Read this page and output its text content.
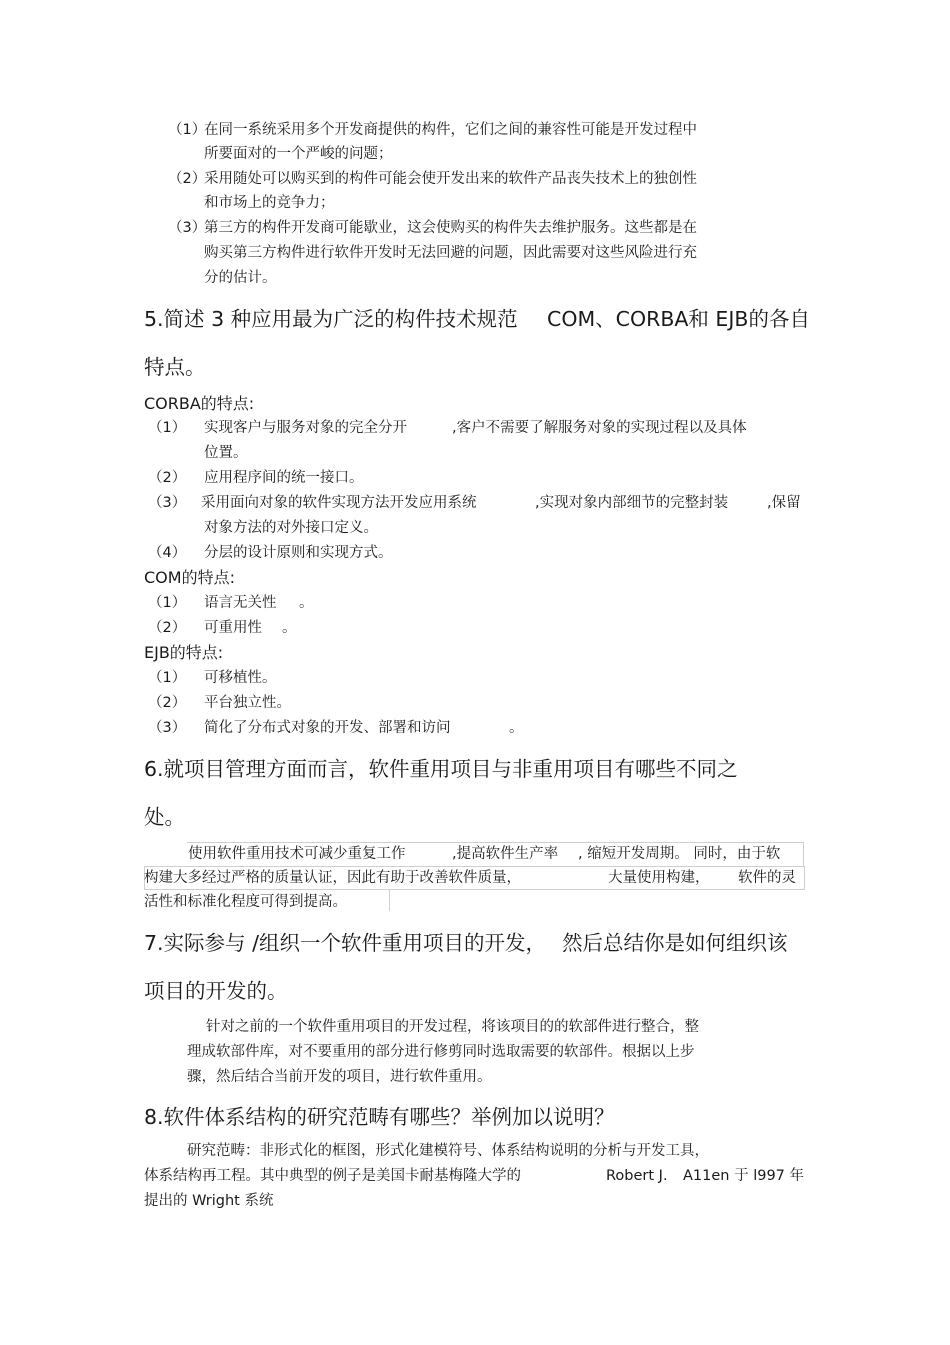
（1）
在同一系统采用多个开发商提供的构件，它们之间的兼容性可能是开发过程中
所要面对的一个严峻的问题；
（2）
采用随处可以购买到的构件可能会使开发出来的软件产品丧失技术上的独创性
和市场上的竞争力；
（3）
第三方的构件开发商可能歇业，这会使购买的构件失去维护服务。这些都是在
购买第三方构件进行软件开发时无法回避的问题，因此需要对这些风险进行充
分的估计。
5.简述 3 种应用最为广泛的构件技术规范 COM、CORBA和 EJB的各自
特点。
CORBA的特点:
（1） 实现客户与服务对象的完全分开	,客户不需要了解服务对象的实现过程以及具体
位置。
（2） 应用程序间的统一接口。
（3） 采用面向对象的软件实现方法开发应用系统	,实现对象内部细节的完整封装	,保留
对象方法的对外接口定义。
（4） 分层的设计原则和实现方式。
COM的特点:
（1） 语言无关性 。
（2） 可重用性 。
EJB的特点:
（1） 可移植性。
（2） 平台独立性。
（3） 简化了分布式对象的开发、部署和访问	。
6.就项目管理方面而言，软件重用项目与非重用项目有哪些不同之
处。
使用软件重用技术可减少重复工作	,提高软件生产率 , 缩短开发周期。 同时，由于软
构建大多经过严格的质量认证，因此有助于改善软件质量，	大量使用构建， 软件的灵
活性和标准化程度可得到提高。
7.实际参与 /组织一个软件重用项目的开发， 然后总结你是如何组织该
项目的开发的。
针对之前的一个软件重用项目的开发过程，将该项目的的软部件进行整合，整
理成软部件库，对不要重用的部分进行修剪同时选取需要的软部件。根据以上步
骤，然后结合当前开发的项目，进行软件重用。
8.软件体系结构的研究范畴有哪些？举例加以说明？
研究范畴：非形式化的框图，形式化建模符号、体系结构说明的分析与开发工具，
体系结构再工程。其中典型的例子是美国卡耐基梅隆大学的	Robert J. A11en 于 l997 年
提出的 Wright 系统
